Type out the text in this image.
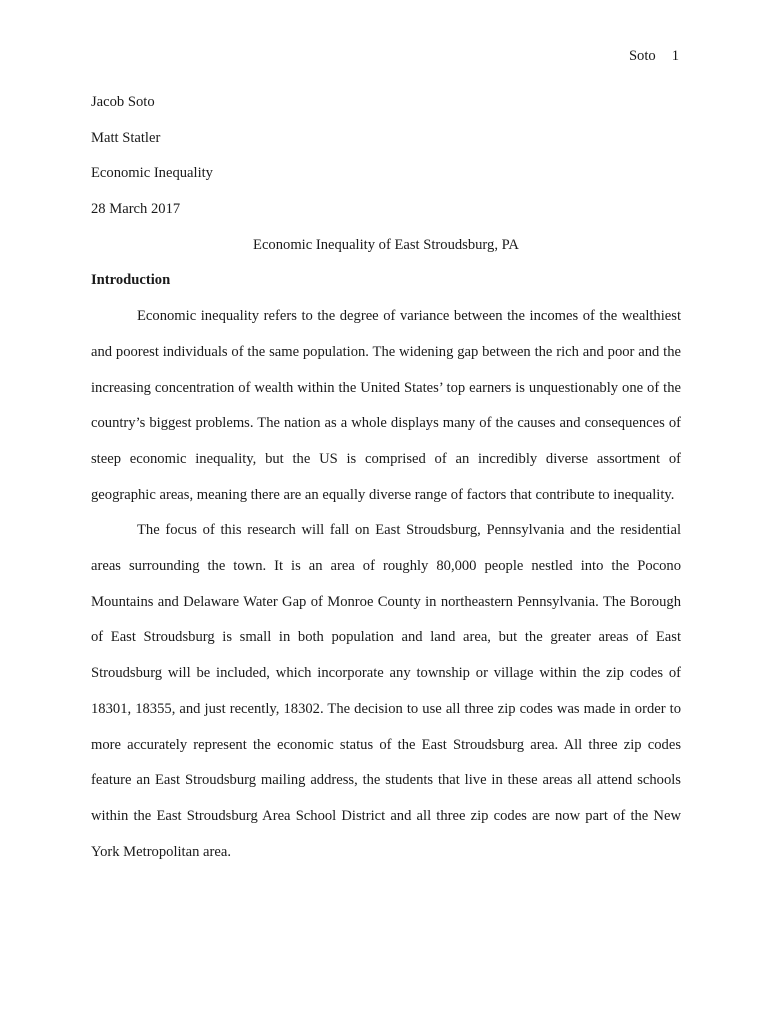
Soto 1
Jacob Soto
Matt Statler
Economic Inequality
28 March 2017
Economic Inequality of East Stroudsburg, PA
Introduction

Economic inequality refers to the degree of variance between the incomes of the wealthiest and poorest individuals of the same population. The widening gap between the rich and poor and the increasing concentration of wealth within the United States’ top earners is unquestionably one of the country’s biggest problems. The nation as a whole displays many of the causes and consequences of steep economic inequality, but the US is comprised of an incredibly diverse assortment of geographic areas, meaning there are an equally diverse range of factors that contribute to inequality.

The focus of this research will fall on East Stroudsburg, Pennsylvania and the residential areas surrounding the town. It is an area of roughly 80,000 people nestled into the Pocono Mountains and Delaware Water Gap of Monroe County in northeastern Pennsylvania. The Borough of East Stroudsburg is small in both population and land area, but the greater areas of East Stroudsburg will be included, which incorporate any township or village within the zip codes of 18301, 18355, and just recently, 18302. The decision to use all three zip codes was made in order to more accurately represent the economic status of the East Stroudsburg area. All three zip codes feature an East Stroudsburg mailing address, the students that live in these areas all attend schools within the East Stroudsburg Area School District and all three zip codes are now part of the New York Metropolitan area.
